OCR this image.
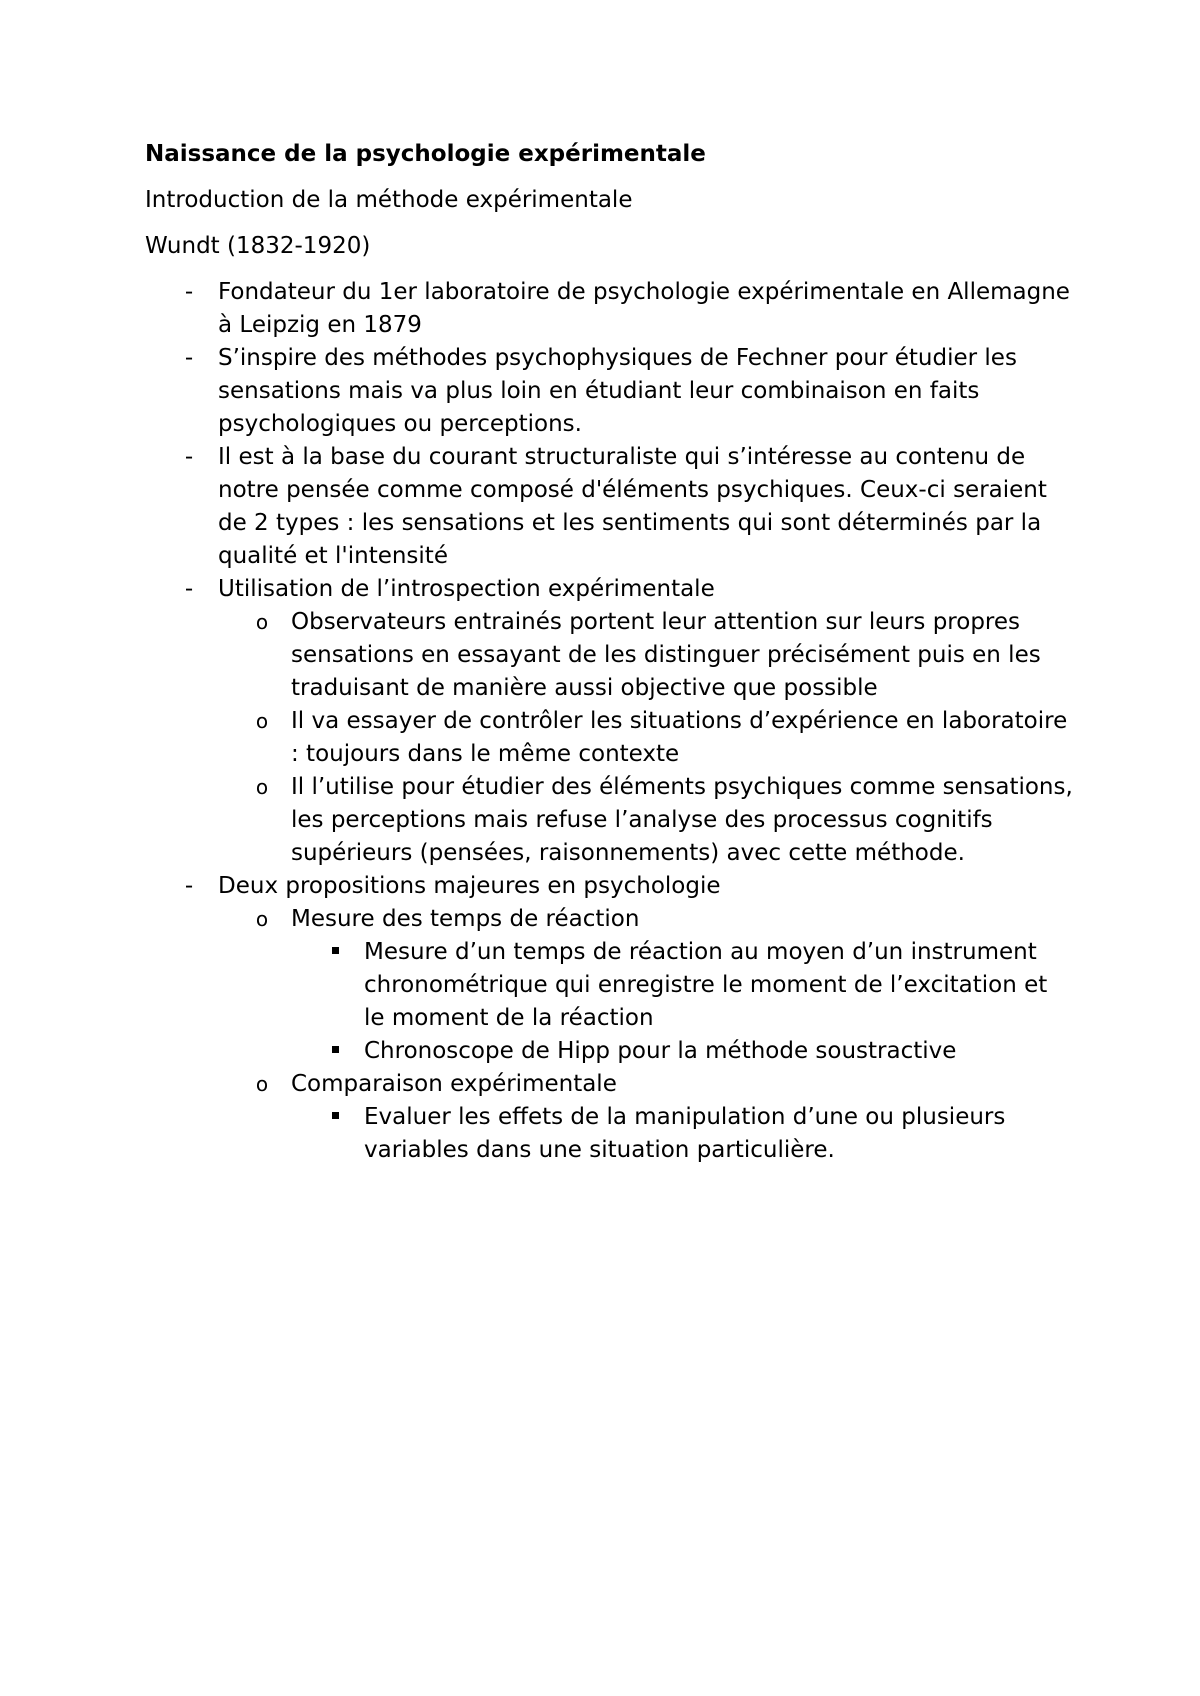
Naissance de la psychologie expérimentale
Introduction de la méthode expérimentale
Wundt (1832-1920)
- Fondateur du 1er laboratoire de psychologie expérimentale en Allemagne à Leipzig en 1879
- S’inspire des méthodes psychophysiques de Fechner pour étudier les sensations mais va plus loin en étudiant leur combinaison en faits psychologiques ou perceptions.
- Il est à la base du courant structuraliste qui s’intéresse au contenu de notre pensée comme composé d'éléments psychiques. Ceux-ci seraient de 2 types : les sensations et les sentiments qui sont déterminés par la qualité et l'intensité
- Utilisation de l’introspection expérimentale
o Observateurs entrainés portent leur attention sur leurs propres sensations en essayant de les distinguer précisément puis en les traduisant de manière aussi objective que possible
o Il va essayer de contrôler les situations d’expérience en laboratoire : toujours dans le même contexte
o Il l’utilise pour étudier des éléments psychiques comme sensations, les perceptions mais refuse l’analyse des processus cognitifs supérieurs (pensées, raisonnements) avec cette méthode.
- Deux propositions majeures en psychologie
o Mesure des temps de réaction
Mesure d’un temps de réaction au moyen d’un instrument chronométrique qui enregistre le moment de l’excitation et le moment de la réaction
Chronoscope de Hipp pour la méthode soustractive
o Comparaison expérimentale
Evaluer les effets de la manipulation d’une ou plusieurs variables dans une situation particulière.
